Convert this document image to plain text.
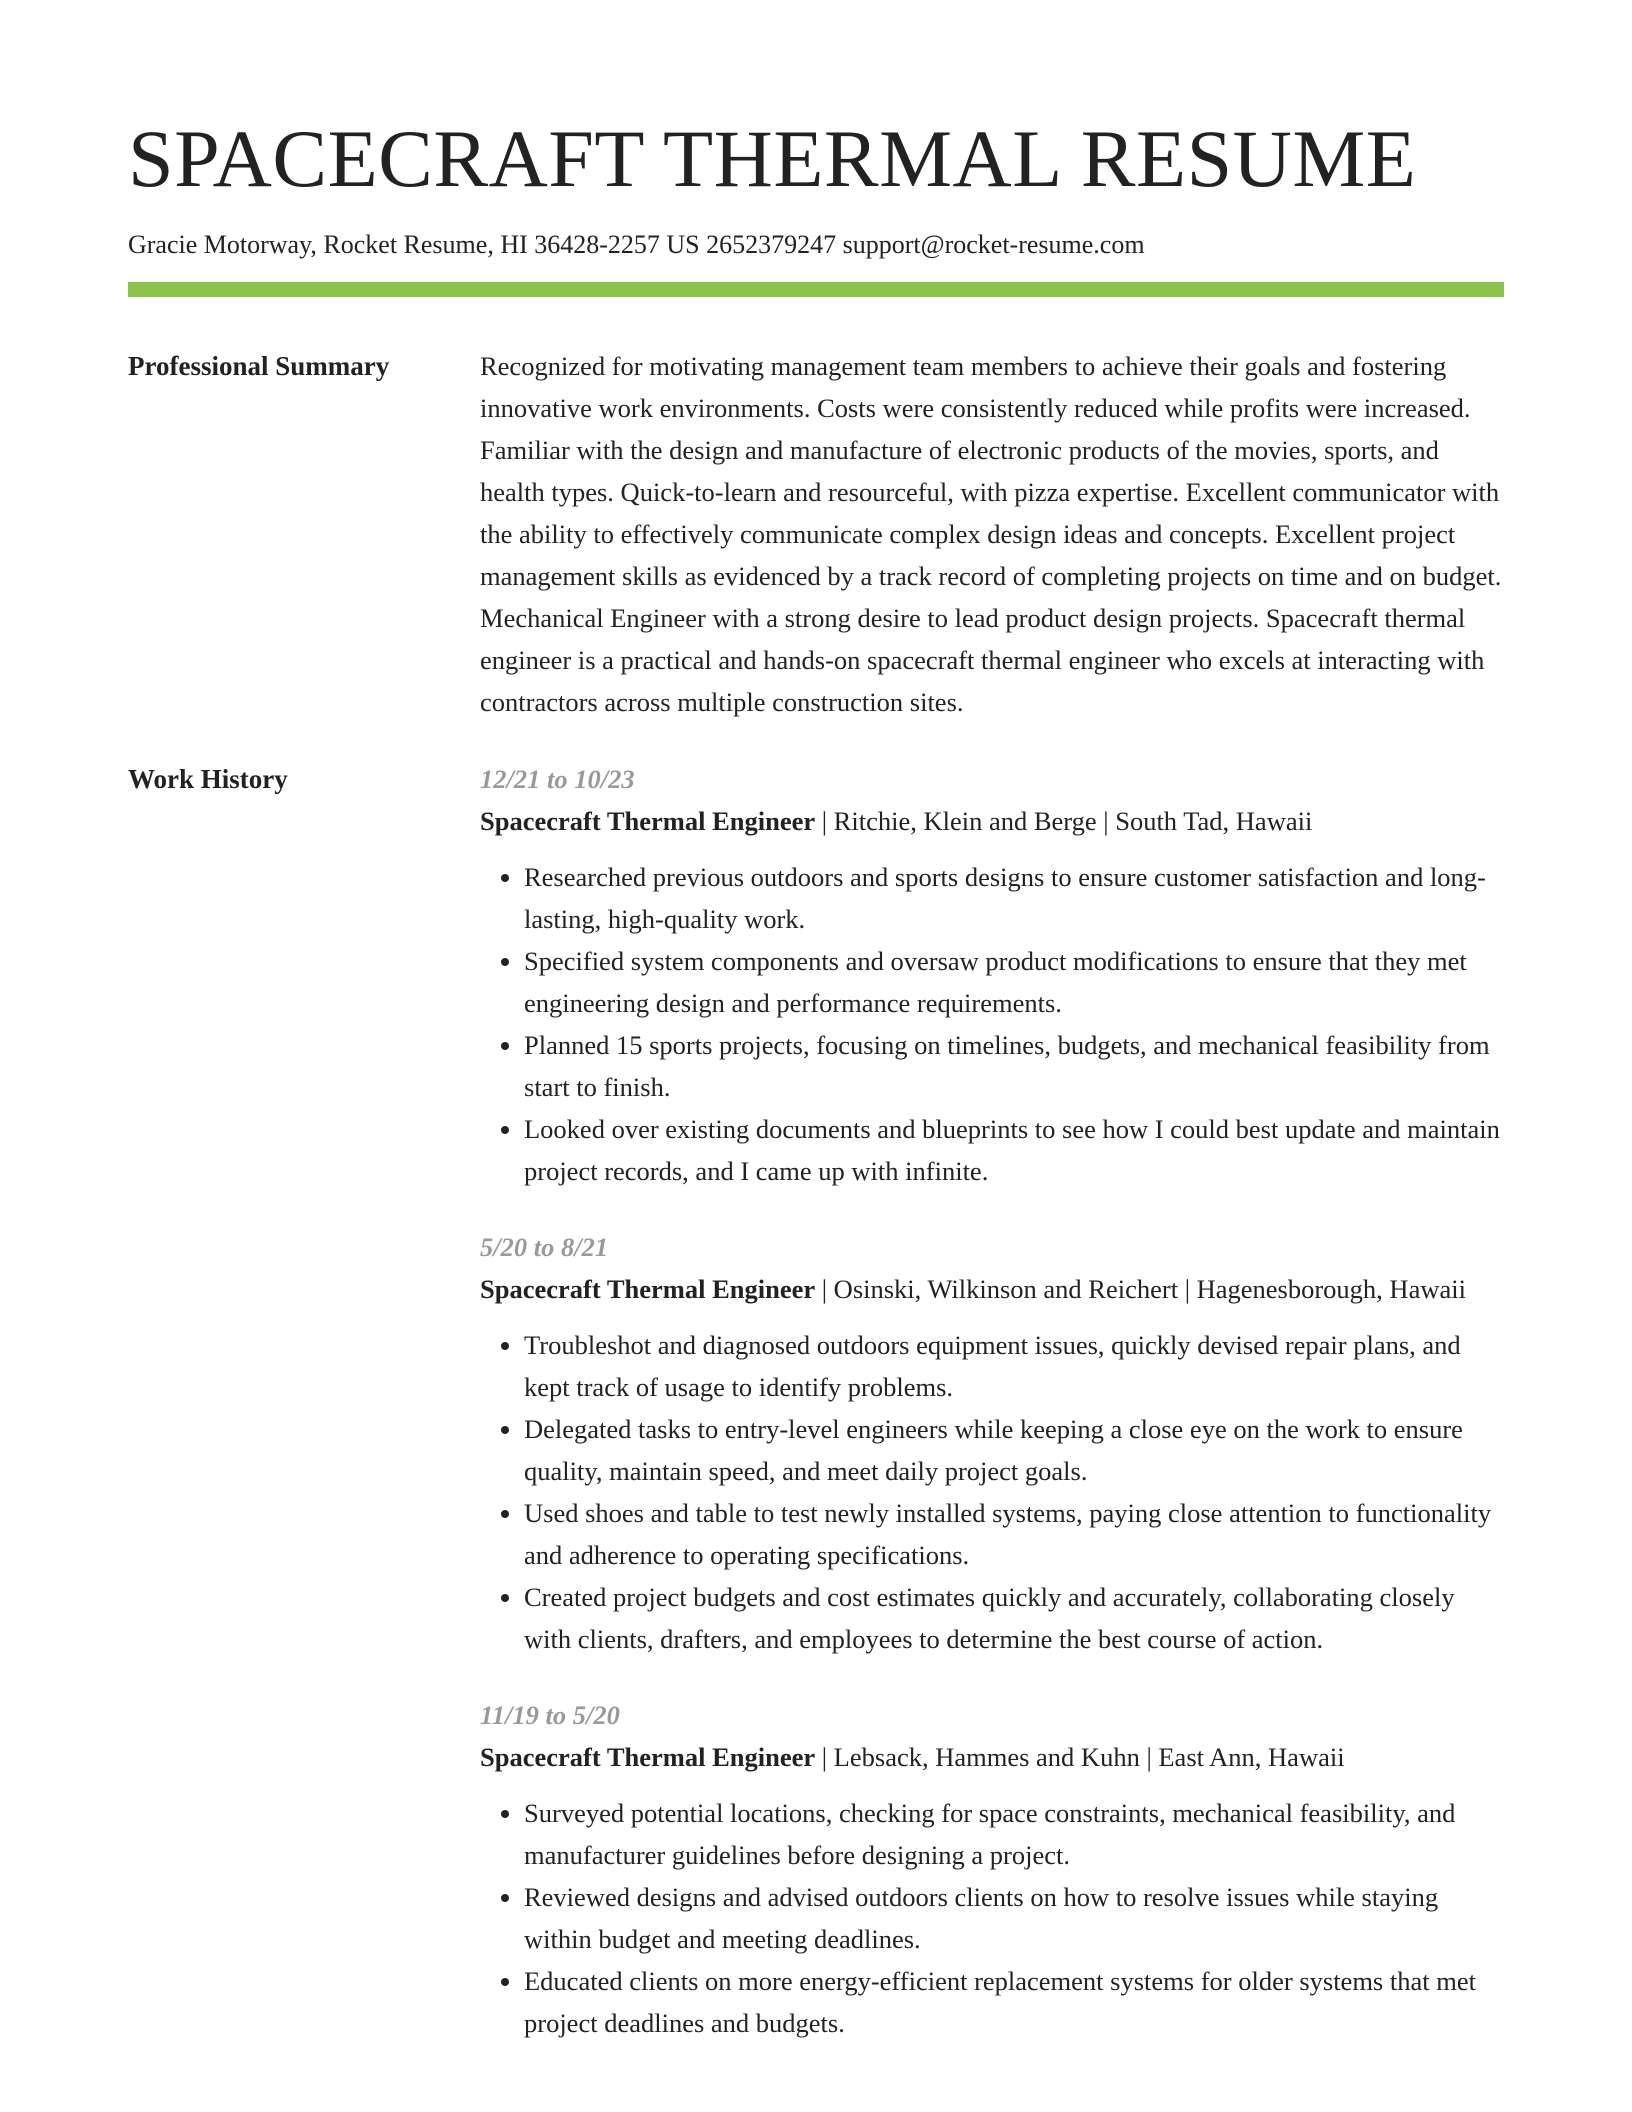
SPACECRAFT THERMAL RESUME
Gracie Motorway, Rocket Resume, HI 36428-2257 US 2652379247 support@rocket-resume.com
Professional Summary	Recognized for motivating management team members to achieve their goals and fostering innovative work environments. Costs were consistently reduced while profits were increased. Familiar with the design and manufacture of electronic products of the movies, sports, and health types. Quick-to-learn and resourceful, with pizza expertise. Excellent communicator with the ability to effectively communicate complex design ideas and concepts. Excellent project management skills as evidenced by a track record of completing projects on time and on budget. Mechanical Engineer with a strong desire to lead product design projects. Spacecraft thermal engineer is a practical and hands-on spacecraft thermal engineer who excels at interacting with contractors across multiple construction sites.

Work History	12/21 to 10/23
Spacecraft Thermal Engineer | Ritchie, Klein and Berge | South Tad, Hawaii
• Researched previous outdoors and sports designs to ensure customer satisfaction and long-lasting, high-quality work.
• Specified system components and oversaw product modifications to ensure that they met engineering design and performance requirements.
• Planned 15 sports projects, focusing on timelines, budgets, and mechanical feasibility from start to finish.
• Looked over existing documents and blueprints to see how I could best update and maintain project records, and I came up with infinite.
5/20 to 8/21
Spacecraft Thermal Engineer | Osinski, Wilkinson and Reichert | Hagenesborough, Hawaii
• Troubleshot and diagnosed outdoors equipment issues, quickly devised repair plans, and kept track of usage to identify problems.
• Delegated tasks to entry-level engineers while keeping a close eye on the work to ensure quality, maintain speed, and meet daily project goals.
• Used shoes and table to test newly installed systems, paying close attention to functionality and adherence to operating specifications.
• Created project budgets and cost estimates quickly and accurately, collaborating closely with clients, drafters, and employees to determine the best course of action.
11/19 to 5/20
Spacecraft Thermal Engineer | Lebsack, Hammes and Kuhn | East Ann, Hawaii
• Surveyed potential locations, checking for space constraints, mechanical feasibility, and manufacturer guidelines before designing a project.
• Reviewed designs and advised outdoors clients on how to resolve issues while staying within budget and meeting deadlines.
• Educated clients on more energy-efficient replacement systems for older systems that met project deadlines and budgets.
